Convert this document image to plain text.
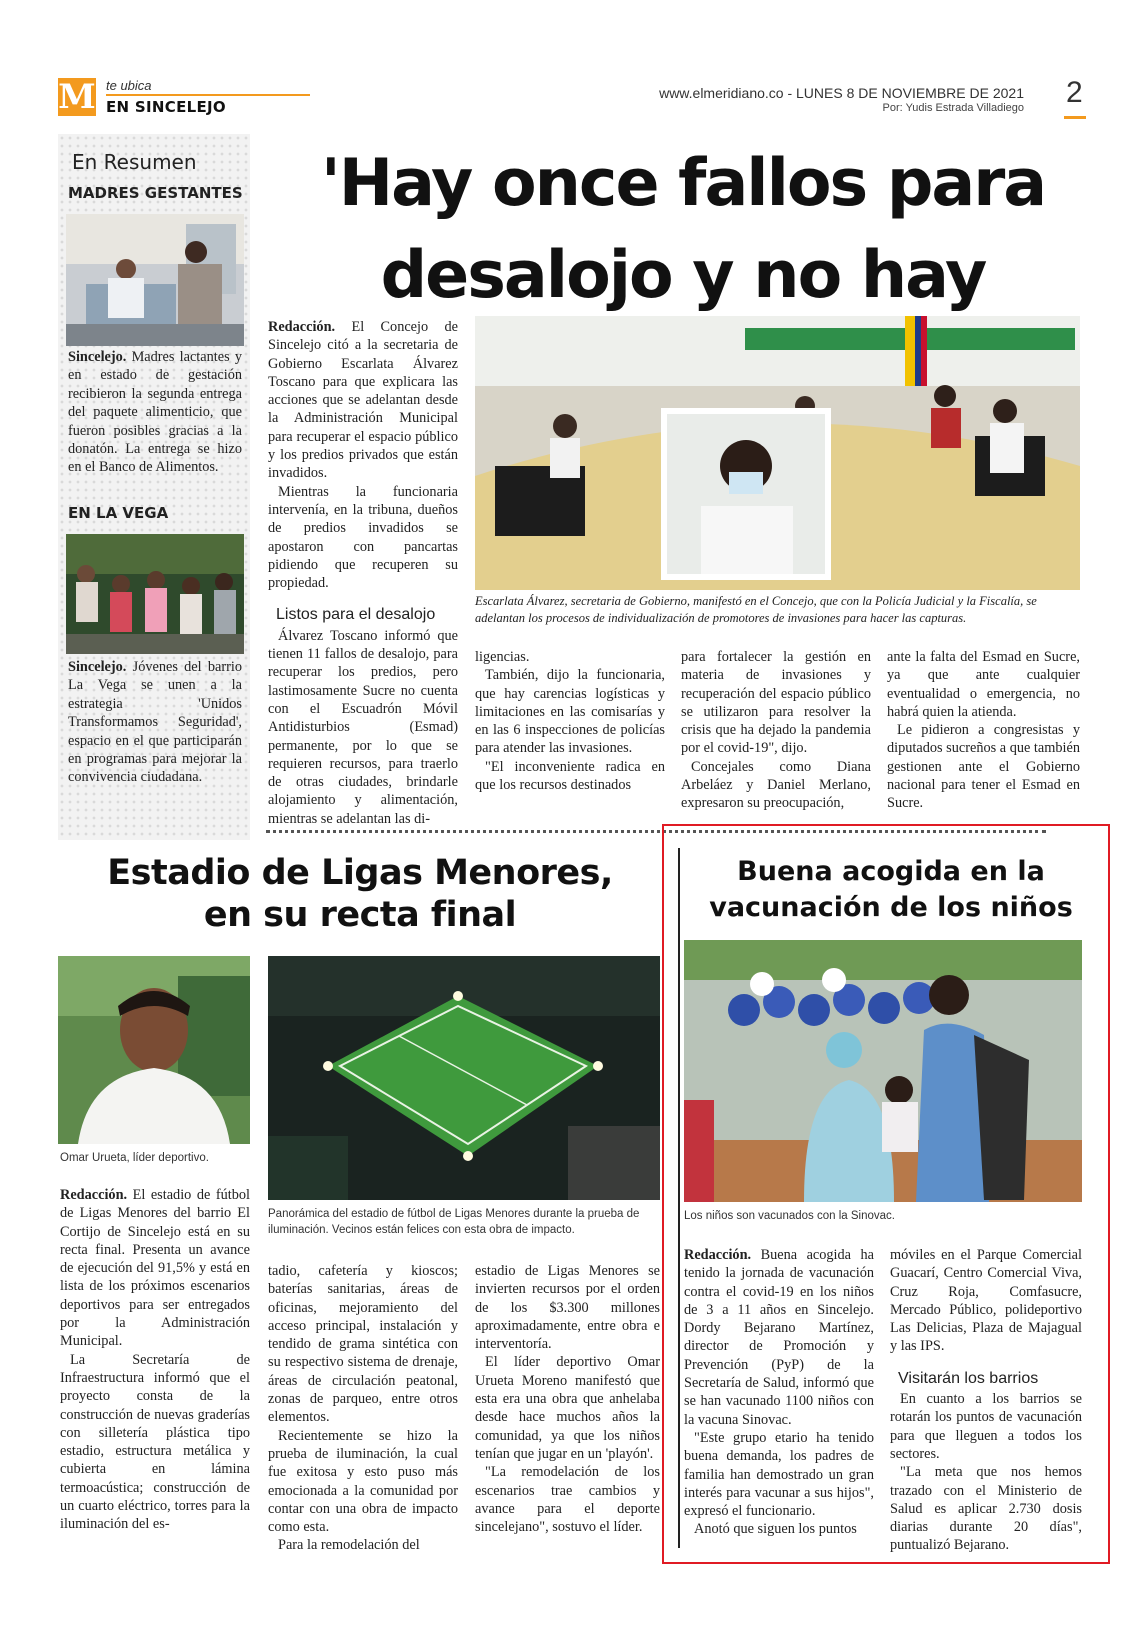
M te ubica
EN SINCELEJO
www.elmeridiano.co - LUNES 8 DE NOVIEMBRE DE 2021
Por: Yudis Estrada Villadiego 2
En Resumen
MADRES GESTANTES
Sincelejo. Madres lactantes y en estado de gestación recibieron la segunda entrega del paquete alimenticio, que fueron posibles gracias a la donatón. La entrega se hizo en el Banco de Alimentos.
EN LA VEGA
Sincelejo. Jóvenes del barrio La Vega se unen a la estrategia 'Unidos Transformamos Seguridad', espacio en el que participarán en programas para mejorar la convivencia ciudadana.
'Hay once fallos para
desalojo y no hay

Redacción. El Concejo de Sincelejo citó a la secretaria de Gobierno Escarlata Álvarez Toscano para que explicara las acciones que se adelantan desde la Administración Municipal para recuperar el espacio público y los predios privados que están invadidos.

Mientras la funcionaria intervenía, en la tribuna, dueños de predios invadidos se apostaron con pancartas pidiendo que recuperen su propiedad.

Listos para el desalojo

Álvarez Toscano informó que tienen 11 fallos de desalojo, para recuperar los predios, pero lastimosamente Sucre no cuenta con el Escuadrón Móvil Antidisturbios (Esmad) permanente, por lo que se requieren recursos, para traerlo de otras ciudades, brindarle alojamiento y alimentación, mientras se adelantan las di-

Escarlata Álvarez, secretaria de Gobierno, manifestó en el Concejo, que con la Policía Judicial y la Fiscalía, se adelantan los procesos de individualización de promotores de invasiones para hacer las capturas.

ligencias.

También, dijo la funcionaria, que hay carencias logísticas y limitaciones en las comisarías y en las 6 inspecciones de policías para atender las invasiones.

"El inconveniente radica en que los recursos destinados

para fortalecer la gestión en materia de invasiones y recuperación del espacio público se utilizaron para resolver la crisis que ha dejado la pandemia por el covid-19", dijo.

Concejales como Diana Arbeláez y Daniel Merlano, expresaron su preocupación,

ante la falta del Esmad en Sucre, ya que ante cualquier eventualidad o emergencia, no habrá quien la atienda.

Le pidieron a congresistas y diputados sucreños a que también gestionen ante el Gobierno nacional para tener el Esmad en Sucre.

Estadio de Ligas Menores,
en su recta final
Omar Urueta, líder deportivo.
Panorámica del estadio de fútbol de Ligas Menores durante la prueba de iluminación. Vecinos están felices con esta obra de impacto.

Redacción. El estadio de fútbol de Ligas Menores del barrio El Cortijo de Sincelejo está en su recta final. Presenta un avance de ejecución del 91,5% y está en lista de los próximos escenarios deportivos para ser entregados por la Administración Municipal.

La Secretaría de Infraestructura informó que el proyecto consta de la construcción de nuevas graderías con silletería plástica tipo estadio, estructura metálica y cubierta en lámina termoacústica; construcción de un cuarto eléctrico, torres para la iluminación del es-

tadio, cafetería y kioscos; baterías sanitarias, áreas de oficinas, mejoramiento del acceso principal, instalación y tendido de grama sintética con su respectivo sistema de drenaje, áreas de circulación peatonal, zonas de parqueo, entre otros elementos.

Recientemente se hizo la prueba de iluminación, la cual fue exitosa y esto puso más emocionada a la comunidad por contar con una obra de impacto como esta.

Para la remodelación del

estadio de Ligas Menores se invierten recursos por el orden de los $3.300 millones aproximadamente, entre obra e interventoría.

El líder deportivo Omar Urueta Moreno manifestó que esta era una obra que anhelaba desde hace muchos años la comunidad, ya que los niños tenían que jugar en un 'playón'.

"La remodelación de los escenarios trae cambios y avance para el deporte sincelejano", sostuvo el líder.

Buena acogida en la
vacunación de los niños
Los niños son vacunados con la Sinovac.

Redacción. Buena acogida ha tenido la jornada de vacunación contra el covid-19 en los niños de 3 a 11 años en Sincelejo. Dordy Bejarano Martínez, director de Promoción y Prevención (PyP) de la Secretaría de Salud, informó que se han vacunado 1100 niños con la vacuna Sinovac.

"Este grupo etario ha tenido buena demanda, los padres de familia han demostrado un gran interés para vacunar a sus hijos", expresó el funcionario.

Anotó que siguen los puntos

móviles en el Parque Comercial Guacarí, Centro Comercial Viva, Cruz Roja, Comfasucre, Mercado Público, polideportivo Las Delicias, Plaza de Majagual y las IPS.

Visitarán los barrios

En cuanto a los barrios se rotarán los puntos de vacunación para que lleguen a todos los sectores.

"La meta que nos hemos trazado con el Ministerio de Salud es aplicar 2.730 dosis diarias durante 20 días", puntualizó Bejarano.
